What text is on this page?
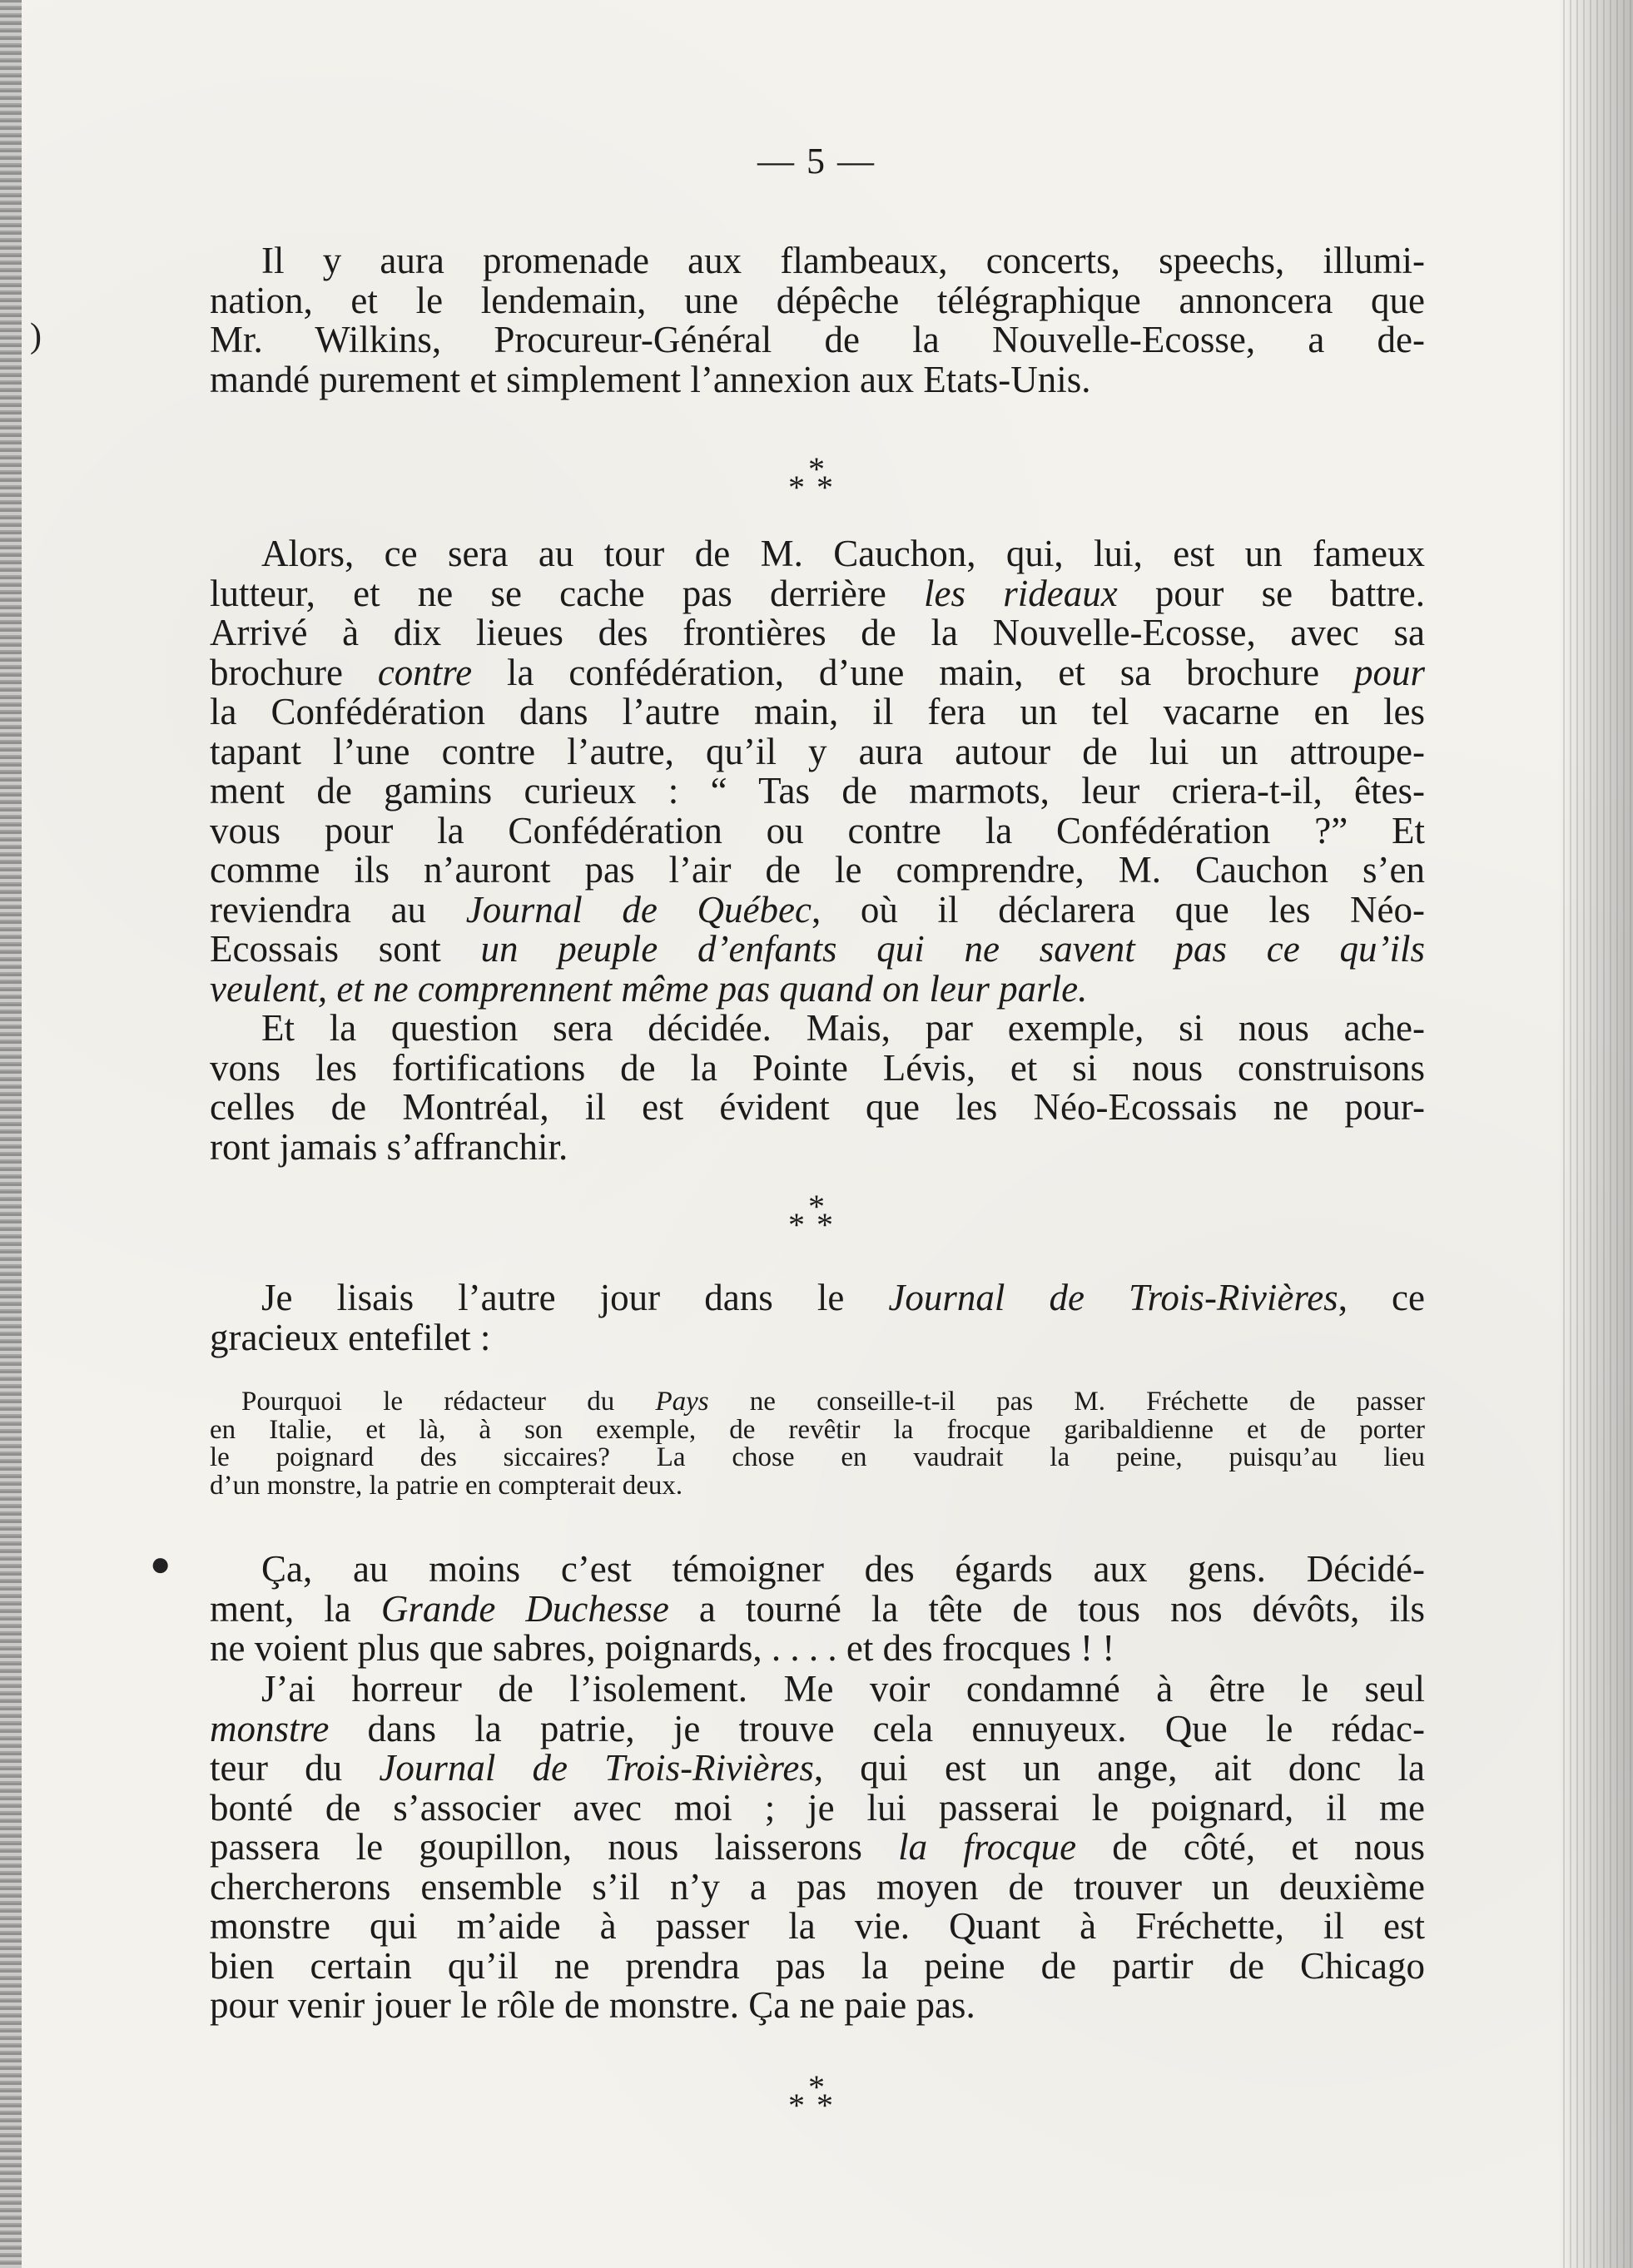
— 5 —
Il y aura promenade aux flambeaux, concerts, speechs, illumi-
nation, et le lendemain, une dépêche télégraphique annoncera que
Mr. Wilkins, Procureur-Général de la Nouvelle-Ecosse, a de-
mandé purement et simplement l’annexion aux Etats-Unis.
*
**
Alors, ce sera au tour de M. Cauchon, qui, lui, est un fameux
lutteur, et ne se cache pas derrière les rideaux pour se battre.
Arrivé à dix lieues des frontières de la Nouvelle-Ecosse, avec sa
brochure contre la confédération, d’une main, et sa brochure pour
la Confédération dans l’autre main, il fera un tel vacarne en les
tapant l’une contre l’autre, qu’il y aura autour de lui un attroupe-
ment de gamins curieux : “ Tas de marmots, leur criera-t-il, êtes-
vous pour la Confédération ou contre la Confédération ?” Et
comme ils n’auront pas l’air de le comprendre, M. Cauchon s’en
reviendra au Journal de Québec, où il déclarera que les Néo-
Ecossais sont un peuple d’enfants qui ne savent pas ce qu’ils
veulent, et ne comprennent même pas quand on leur parle.
Et la question sera décidée. Mais, par exemple, si nous ache-
vons les fortifications de la Pointe Lévis, et si nous construisons
celles de Montréal, il est évident que les Néo-Ecossais ne pour-
ront jamais s’affranchir.
*
**
Je lisais l’autre jour dans le Journal de Trois-Rivières, ce
gracieux entefilet :
Pourquoi le rédacteur du Pays ne conseille-t-il pas M. Fréchette de passer
en Italie, et là, à son exemple, de revêtir la frocque garibaldienne et de porter
le poignard des siccaires? La chose en vaudrait la peine, puisqu’au lieu
d’un monstre, la patrie en compterait deux.
Ça, au moins c’est témoigner des égards aux gens. Décidé-
ment, la Grande Duchesse a tourné la tête de tous nos dévôts, ils
ne voient plus que sabres, poignards, . . . . et des frocques ! !
J’ai horreur de l’isolement. Me voir condamné à être le seul
monstre dans la patrie, je trouve cela ennuyeux. Que le rédac-
teur du Journal de Trois-Rivières, qui est un ange, ait donc la
bonté de s’associer avec moi ; je lui passerai le poignard, il me
passera le goupillon, nous laisserons la frocque de côté, et nous
chercherons ensemble s’il n’y a pas moyen de trouver un deuxième
monstre qui m’aide à passer la vie. Quant à Fréchette, il est
bien certain qu’il ne prendra pas la peine de partir de Chicago
pour venir jouer le rôle de monstre. Ça ne paie pas.
*
**
)
●
